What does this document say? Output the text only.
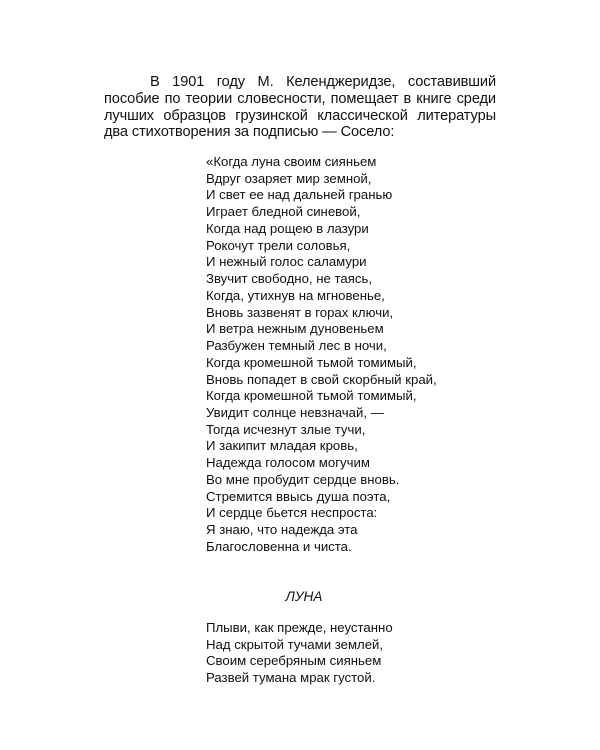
В 1901 году М. Келенджеридзе, составивший пособие по теории словесности, помещает в книге среди лучших образцов грузинской классической литературы два стихотворения за подписью — Сосело:

«Когда луна своим сияньем
Вдруг озаряет мир земной,
И свет ее над дальней гранью
Играет бледной синевой,
Когда над рощею в лазури
Рокочут трели соловья,
И нежный голос саламури
Звучит свободно, не таясь,
Когда, утихнув на мгновенье,
Вновь зазвенят в горах ключи,
И ветра нежным дуновеньем
Разбужен темный лес в ночи,
Когда кромешной тьмой томимый,
Вновь попадет в свой скорбный край,
Когда кромешной тьмой томимый,
Увидит солнце невзначай, —
Тогда исчезнут злые тучи,
И закипит младая кровь,
Надежда голосом могучим
Во мне пробудит сердце вновь.
Стремится ввысь душа поэта,
И сердце бьется неспроста:
Я знаю, что надежда эта
Благословенна и чиста.
ЛУНА
Плыви, как прежде, неустанно
Над скрытой тучами землей,
Своим серебряным сияньем
Развей тумана мрак густой.
